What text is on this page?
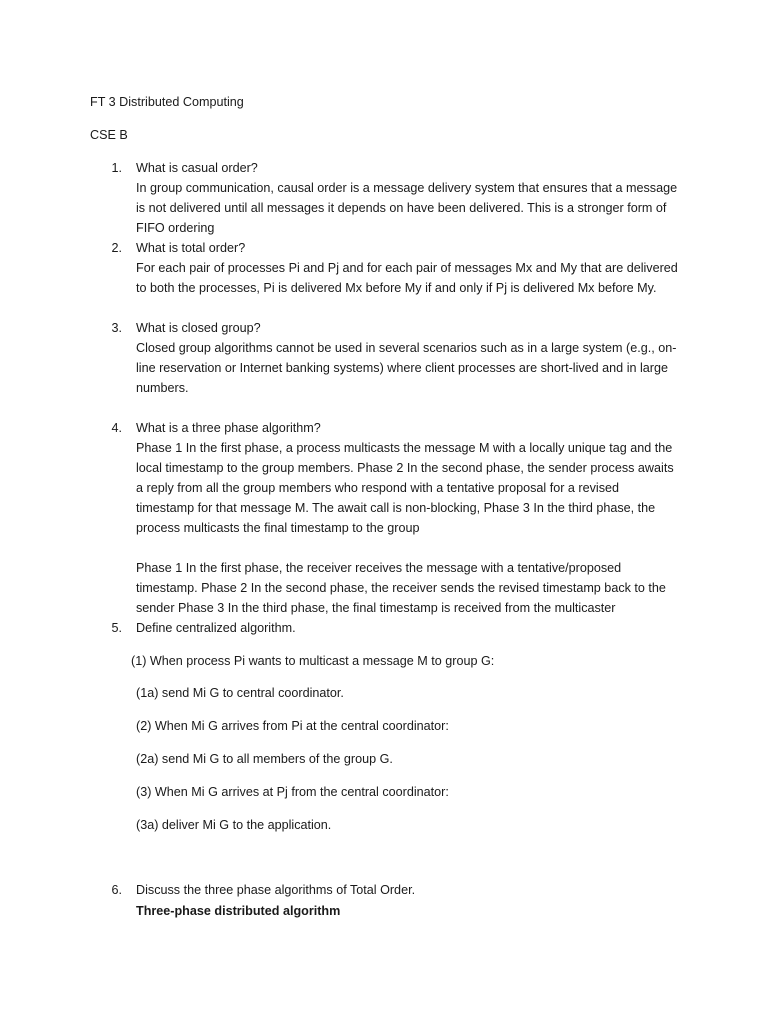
FT 3 Distributed Computing
CSE B
1. What is casual order?
In group communication, causal order is a message delivery system that ensures that a message
is not delivered until all messages it depends on have been delivered. This is a stronger form of
FIFO ordering
2. What is total order?
For each pair of processes Pi and Pj and for each pair of messages Mx and My that are delivered
to both the processes, Pi is delivered Mx before My if and only if Pj is delivered Mx before My.
3. What is closed group?
Closed group algorithms cannot be used in several scenarios such as in a large system (e.g., on-
line reservation or Internet banking systems) where client processes are short-lived and in large
numbers.
4. What is a three phase algorithm?
Phase 1 In the first phase, a process multicasts the message M with a locally unique tag and the
local timestamp to the group members. Phase 2 In the second phase, the sender process awaits
a reply from all the group members who respond with a tentative proposal for a revised
timestamp for that message M. The await call is non-blocking, Phase 3 In the third phase, the
process multicasts the final timestamp to the group
Phase 1 In the first phase, the receiver receives the message with a tentative/proposed
timestamp. Phase 2 In the second phase, the receiver sends the revised timestamp back to the
sender Phase 3 In the third phase, the final timestamp is received from the multicaster
5. Define centralized algorithm.
(1) When process Pi wants to multicast a message M to group G:
(1a) send Mi G to central coordinator.
(2) When Mi G arrives from Pi at the central coordinator:
(2a) send Mi G to all members of the group G.
(3) When Mi G arrives at Pj from the central coordinator:
(3a) deliver Mi G to the application.
6. Discuss the three phase algorithms of Total Order.
Three-phase distributed algorithm
